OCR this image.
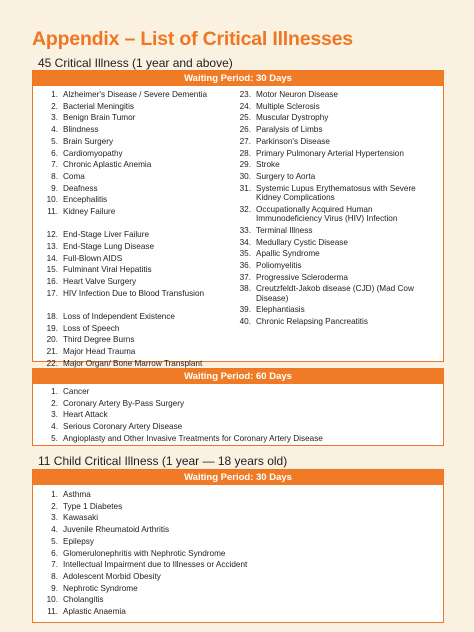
Appendix – List of Critical Illnesses
45 Critical Illness (1 year and above)
Waiting Period: 30 Days
1. Alzheimer's Disease / Severe Dementia
2. Bacterial Meningitis
3. Benign Brain Tumor
4. Blindness
5. Brain Surgery
6. Cardiomyopathy
7. Chronic Aplastic Anemia
8. Coma
9. Deafness
10. Encephalitis
11. Kidney Failure
12. End-Stage Liver Failure
13. End-Stage Lung Disease
14. Full-Blown AIDS
15. Fulminant Viral Hepatitis
16. Heart Valve Surgery
17. HIV Infection Due to Blood Transfusion
18. Loss of Independent Existence
19. Loss of Speech
20. Third Degree Burns
21. Major Head Trauma
22. Major Organ/ Bone Marrow Transplant
23. Motor Neuron Disease
24. Multiple Sclerosis
25. Muscular Dystrophy
26. Paralysis of Limbs
27. Parkinson's Disease
28. Primary Pulmonary Arterial Hypertension
29. Stroke
30. Surgery to Aorta
31. Systemic Lupus Erythematosus with Severe
Kidney Complications
32. Occupationally Acquired Human
Immunodeficiency Virus (HIV) Infection
33. Terminal Illness
34. Medullary Cystic Disease
35. Apallic Syndrome
36. Poliomyelitis
37. Progressive Scleroderma
38. Creutzfeldt-Jakob disease (CJD) (Mad Cow
Disease)
39. Elephantiasis
40. Chronic Relapsing Pancreatitis
Waiting Period: 60 Days
1. Cancer
2. Coronary Artery By-Pass Surgery
3. Heart Attack
4. Serious Coronary Artery Disease
5. Angioplasty and Other Invasive Treatments for Coronary Artery Disease
11 Child Critical Illness (1 year — 18 years old)
Waiting Period: 30 Days
1. Asthma
2. Type 1 Diabetes
3. Kawasaki
4. Juvenile Rheumatoid Arthritis
5. Epilepsy
6. Glomerulonephritis with Nephrotic Syndrome
7. Intellectual Impairment due to Illnesses or Accident
8. Adolescent Morbid Obesity
9. Nephrotic Syndrome
10. Cholangitis
11. Aplastic Anaemia
